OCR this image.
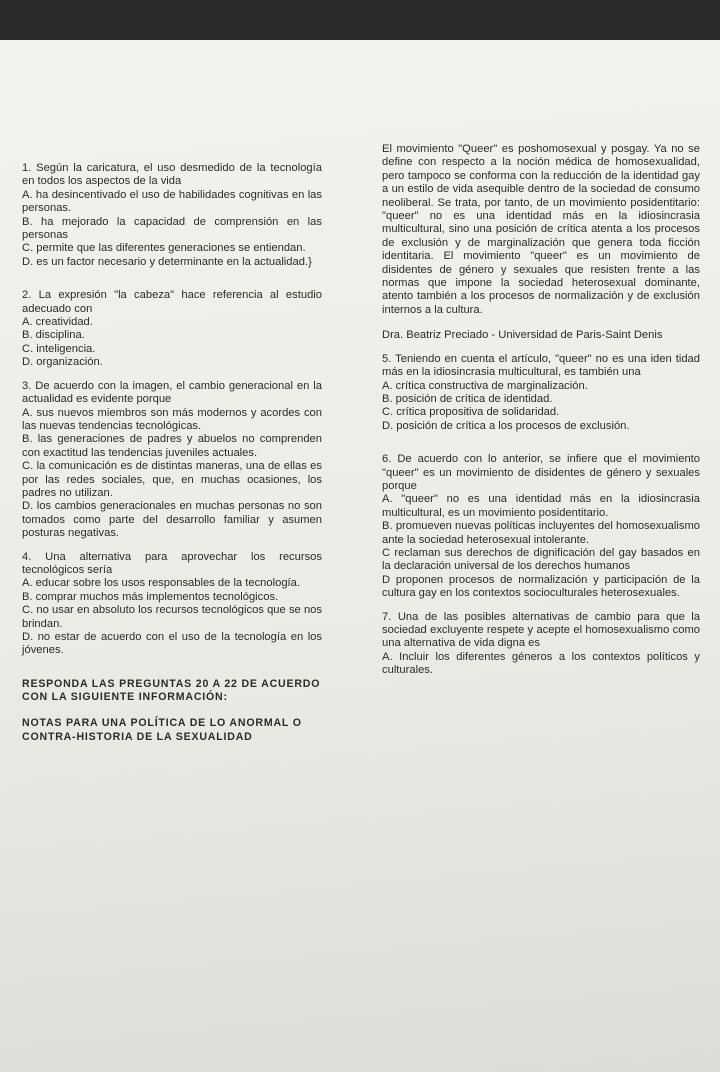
1. Según la caricatura, el uso desmedido de la tecnología en todos los aspectos de la vida
A. ha desincentivado el uso de habilidades cognitivas en las personas.
B. ha mejorado la capacidad de comprensión en las personas
C. permite que las diferentes generaciones se entiendan.
D. es un factor necesario y determinante en la actualidad.}
2. La expresión "la cabeza" hace referencia al estudio adecuado con
A. creatividad.
B. disciplina.
C. inteligencia.
D. organización.
3. De acuerdo con la imagen, el cambio generacional en la actualidad es evidente porque
A. sus nuevos miembros son más modernos y acordes con las nuevas tendencias tecnológicas.
B. las generaciones de padres y abuelos no comprenden con exactitud las tendencias juveniles actuales.
C. la comunicación es de distintas maneras, una de ellas es por las redes sociales, que, en muchas ocasiones, los padres no utilizan.
D. los cambios generacionales en muchas personas no son tomados como parte del desarrollo familiar y asumen posturas negativas.
4. Una alternativa para aprovechar los recursos tecnológicos sería
A. educar sobre los usos responsables de la tecnología.
B. comprar muchos más implementos tecnológicos.
C. no usar en absoluto los recursos tecnológicos que se nos brindan.
D. no estar de acuerdo con el uso de la tecnología en los jóvenes.
RESPONDA LAS PREGUNTAS 20 A 22 DE ACUERDO CON LA SIGUIENTE INFORMACIÓN:
NOTAS PARA UNA POLÍTICA DE LO ANORMAL O CONTRA-HISTORIA DE LA SEXUALIDAD
El movimiento "Queer" es poshomosexual y posgay. Ya no se define con respecto a la noción médica de homosexualidad, pero tampoco se conforma con la reducción de la identidad gay a un estilo de vida asequible dentro de la sociedad de consumo neoliberal. Se trata, por tanto, de un movimiento posidentitario: "queer" no es una identidad más en la idiosincrasia multicultural, sino una posición de crítica atenta a los procesos de exclusión y de marginalización que genera toda ficción identitaria. El movimiento "queer" es un movimiento de disidentes de género y sexuales que resisten frente a las normas que impone la sociedad heterosexual dominante, atento también a los procesos de normalización y de exclusión internos a la cultura.
Dra. Beatriz Preciado - Universidad de Paris-Saint Denis
5. Teniendo en cuenta el artículo, "queer" no es una iden tidad más en la idiosincrasia multicultural, es también una
A. crítica constructiva de marginalización.
B. posición de crítica de identidad.
C. crítica propositiva de solidaridad.
D. posición de crítica a los procesos de exclusión.
6. De acuerdo con lo anterior, se infiere que el movimiento "queer" es un movimiento de disidentes de género y sexuales porque
A. "queer" no es una identidad más en la idiosincrasia multicultural, es un movimiento posidentitario.
B. promueven nuevas políticas incluyentes del homosexualismo ante la sociedad heterosexual intolerante.
C reclaman sus derechos de dignificación del gay basados en la declaración universal de los derechos humanos
D proponen procesos de normalización y participación de la cultura gay en los contextos socioculturales heterosexuales.
7. Una de las posibles alternativas de cambio para que la sociedad excluyente respete y acepte el homosexualismo como una alternativa de vida digna es
A. Incluir los diferentes géneros a los contextos políticos y culturales.
